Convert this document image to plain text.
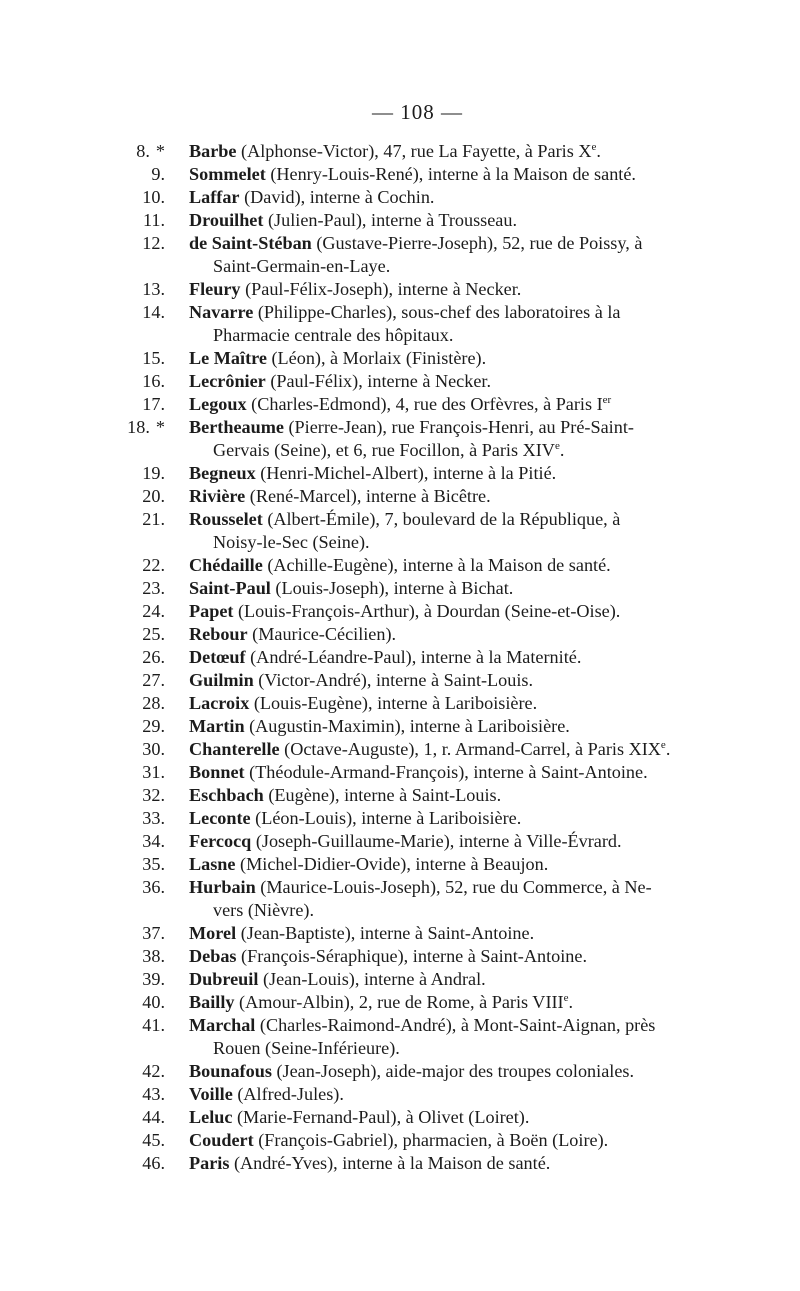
— 108 —
8. * Barbe (Alphonse-Victor), 47, rue La Fayette, à Paris Xe.
9. Sommelet (Henry-Louis-René), interne à la Maison de santé.
10. Laffar (David), interne à Cochin.
11. Drouilhet (Julien-Paul), interne à Trousseau.
12. de Saint-Stéban (Gustave-Pierre-Joseph), 52, rue de Poissy, à
Saint-Germain-en-Laye.
13. Fleury (Paul-Félix-Joseph), interne à Necker.
14. Navarre (Philippe-Charles), sous-chef des laboratoires à la
Pharmacie centrale des hôpitaux.
15. Le Maître (Léon), à Morlaix (Finistère).
16. Lecrônier (Paul-Félix), interne à Necker.
17. Legoux (Charles-Edmond), 4, rue des Orfèvres, à Paris Ier
18. * Bertheaume (Pierre-Jean), rue François-Henri, au Pré-Saint-
Gervais (Seine), et 6, rue Focillon, à Paris XIVe.
19. Begneux (Henri-Michel-Albert), interne à la Pitié.
20. Rivière (René-Marcel), interne à Bicêtre.
21. Rousselet (Albert-Émile), 7, boulevard de la République, à
Noisy-le-Sec (Seine).
22. Chédaille (Achille-Eugène), interne à la Maison de santé.
23. Saint-Paul (Louis-Joseph), interne à Bichat.
24. Papet (Louis-François-Arthur), à Dourdan (Seine-et-Oise).
25. Rebour (Maurice-Cécilien).
26. Detœuf (André-Léandre-Paul), interne à la Maternité.
27. Guilmin (Victor-André), interne à Saint-Louis.
28. Lacroix (Louis-Eugène), interne à Lariboisière.
29. Martin (Augustin-Maximin), interne à Lariboisière.
30. Chanterelle (Octave-Auguste), 1, r. Armand-Carrel, à Paris XIXe.
31. Bonnet (Théodule-Armand-François), interne à Saint-Antoine.
32. Eschbach (Eugène), interne à Saint-Louis.
33. Leconte (Léon-Louis), interne à Lariboisière.
34. Fercocq (Joseph-Guillaume-Marie), interne à Ville-Évrard.
35. Lasne (Michel-Didier-Ovide), interne à Beaujon.
36. Hurbain (Maurice-Louis-Joseph), 52, rue du Commerce, à Ne-
vers (Nièvre).
37. Morel (Jean-Baptiste), interne à Saint-Antoine.
38. Debas (François-Séraphique), interne à Saint-Antoine.
39. Dubreuil (Jean-Louis), interne à Andral.
40. Bailly (Amour-Albin), 2, rue de Rome, à Paris VIIIe.
41. Marchal (Charles-Raimond-André), à Mont-Saint-Aignan, près
Rouen (Seine-Inférieure).
42. Bounafous (Jean-Joseph), aide-major des troupes coloniales.
43. Voille (Alfred-Jules).
44. Leluc (Marie-Fernand-Paul), à Olivet (Loiret).
45. Coudert (François-Gabriel), pharmacien, à Boën (Loire).
46. Paris (André-Yves), interne à la Maison de santé.
